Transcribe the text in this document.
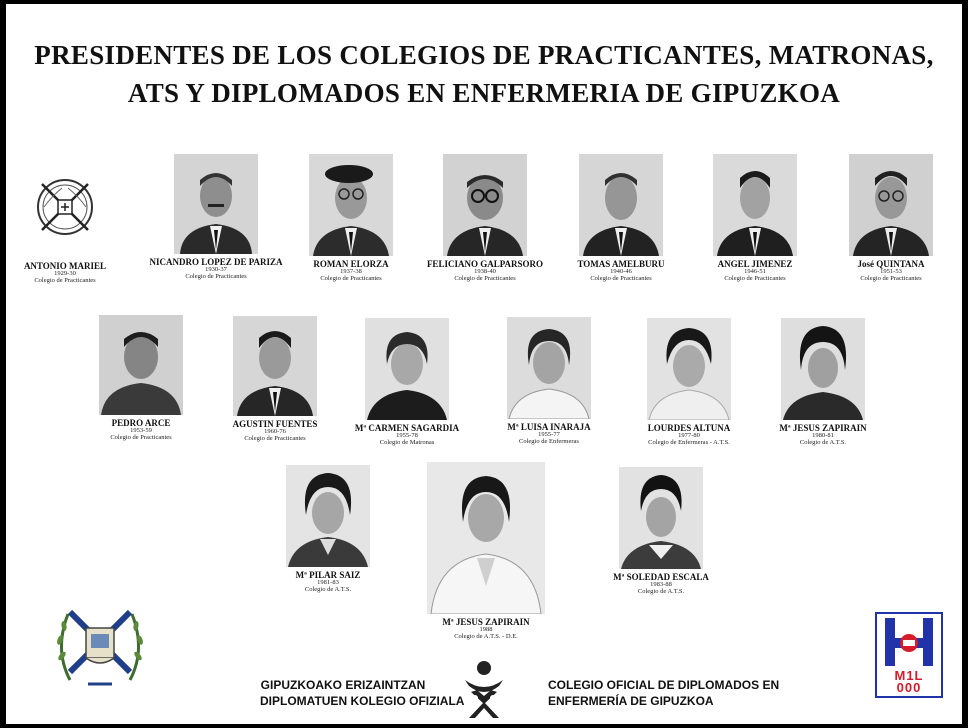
PRESIDENTES DE LOS COLEGIOS DE PRACTICANTES, MATRONAS,
ATS Y DIPLOMADOS EN ENFERMERIA DE GIPUZKOA
ANTONIO MARIEL
1929-30
Colegio de Practicantes
NICANDRO LOPEZ DE PARIZA
1930-37
Colegio de Practicantes
ROMAN ELORZA
1937-38
Colegio de Practicantes
FELICIANO GALPARSORO
1938-40
Colegio de Practicantes
TOMAS AMELBURU
1940-46
Colegio de Practicantes
ANGEL JIMENEZ
1946-51
Colegio de Practicantes
José QUINTANA
1951-53
Colegio de Practicantes
PEDRO ARCE
1953-59
Colegio de Practicantes
AGUSTIN FUENTES
1960-76
Colegio de Practicantes
Mª CARMEN SAGARDIA
1955-78
Colegio de Matronas
Mª LUISA INARAJA
1955-77
Colegio de Enfermeras
LOURDES ALTUNA
1977-80
Colegio de Enfermeras - A.T.S.
Mª JESUS ZAPIRAIN
1980-81
Colegio de A.T.S.
Mª PILAR SAIZ
1981-83
Colegio de A.T.S.
Mª JESUS ZAPIRAIN
1988
Colegio de A.T.S. - D.E.
Mª SOLEDAD ESCALA
1983-88
Colegio de A.T.S.
GIPUZKOAKO ERIZAINTZAN
DIPLOMATUEN KOLEGIO OFIZIALA
COLEGIO OFICIAL DE DIPLOMADOS EN
ENFERMERÍA DE GIPUZKOA
M1L
000
